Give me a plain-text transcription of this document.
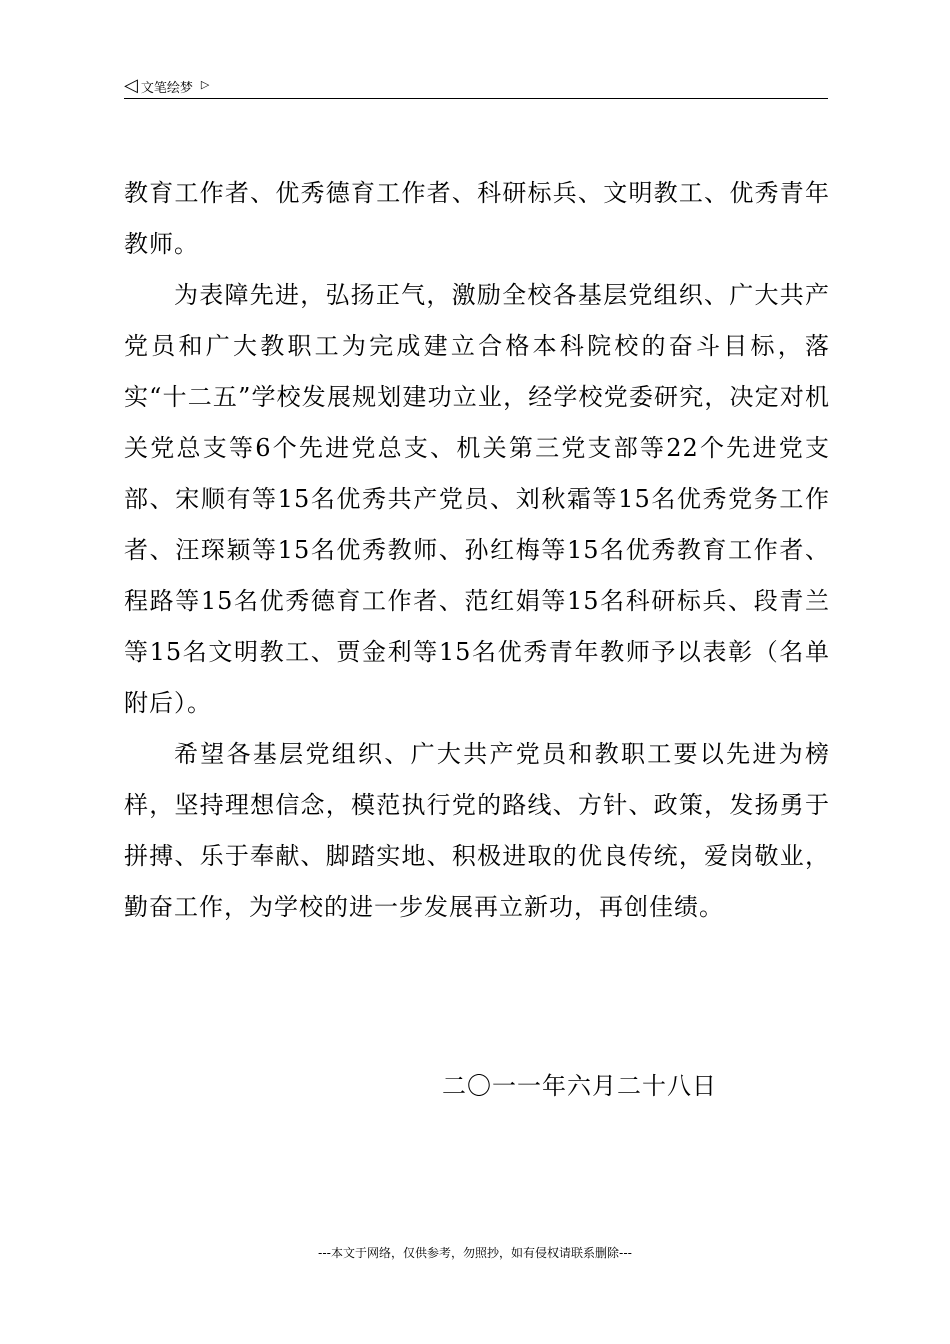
◁ 文笔绘梦 ▷

教育工作者、优秀德育工作者、科研标兵、文明教工、优秀青年教师。

为表障先进，弘扬正气，激励全校各基层党组织、广大共产党员和广大教职工为完成建立合格本科院校的奋斗目标，落实“十二五”学校发展规划建功立业，经学校党委研究，决定对机关党总支等6个先进党总支、机关第三党支部等22个先进党支部、宋顺有等15名优秀共产党员、刘秋霜等15名优秀党务工作者、汪琛颖等15名优秀教师、孙红梅等15名优秀教育工作者、程路等15名优秀德育工作者、范红娟等15名科研标兵、段青兰等15名文明教工、贾金利等15名优秀青年教师予以表彰（名单附后）。

希望各基层党组织、广大共产党员和教职工要以先进为榜样，坚持理想信念，模范执行党的路线、方针、政策，发扬勇于拼搏、乐于奉献、脚踏实地、积极进取的优良传统，爱岗敬业，勤奋工作，为学校的进一步发展再立新功，再创佳绩。

二〇一一年六月二十八日
---本文于网络，仅供参考，勿照抄，如有侵权请联系删除---
